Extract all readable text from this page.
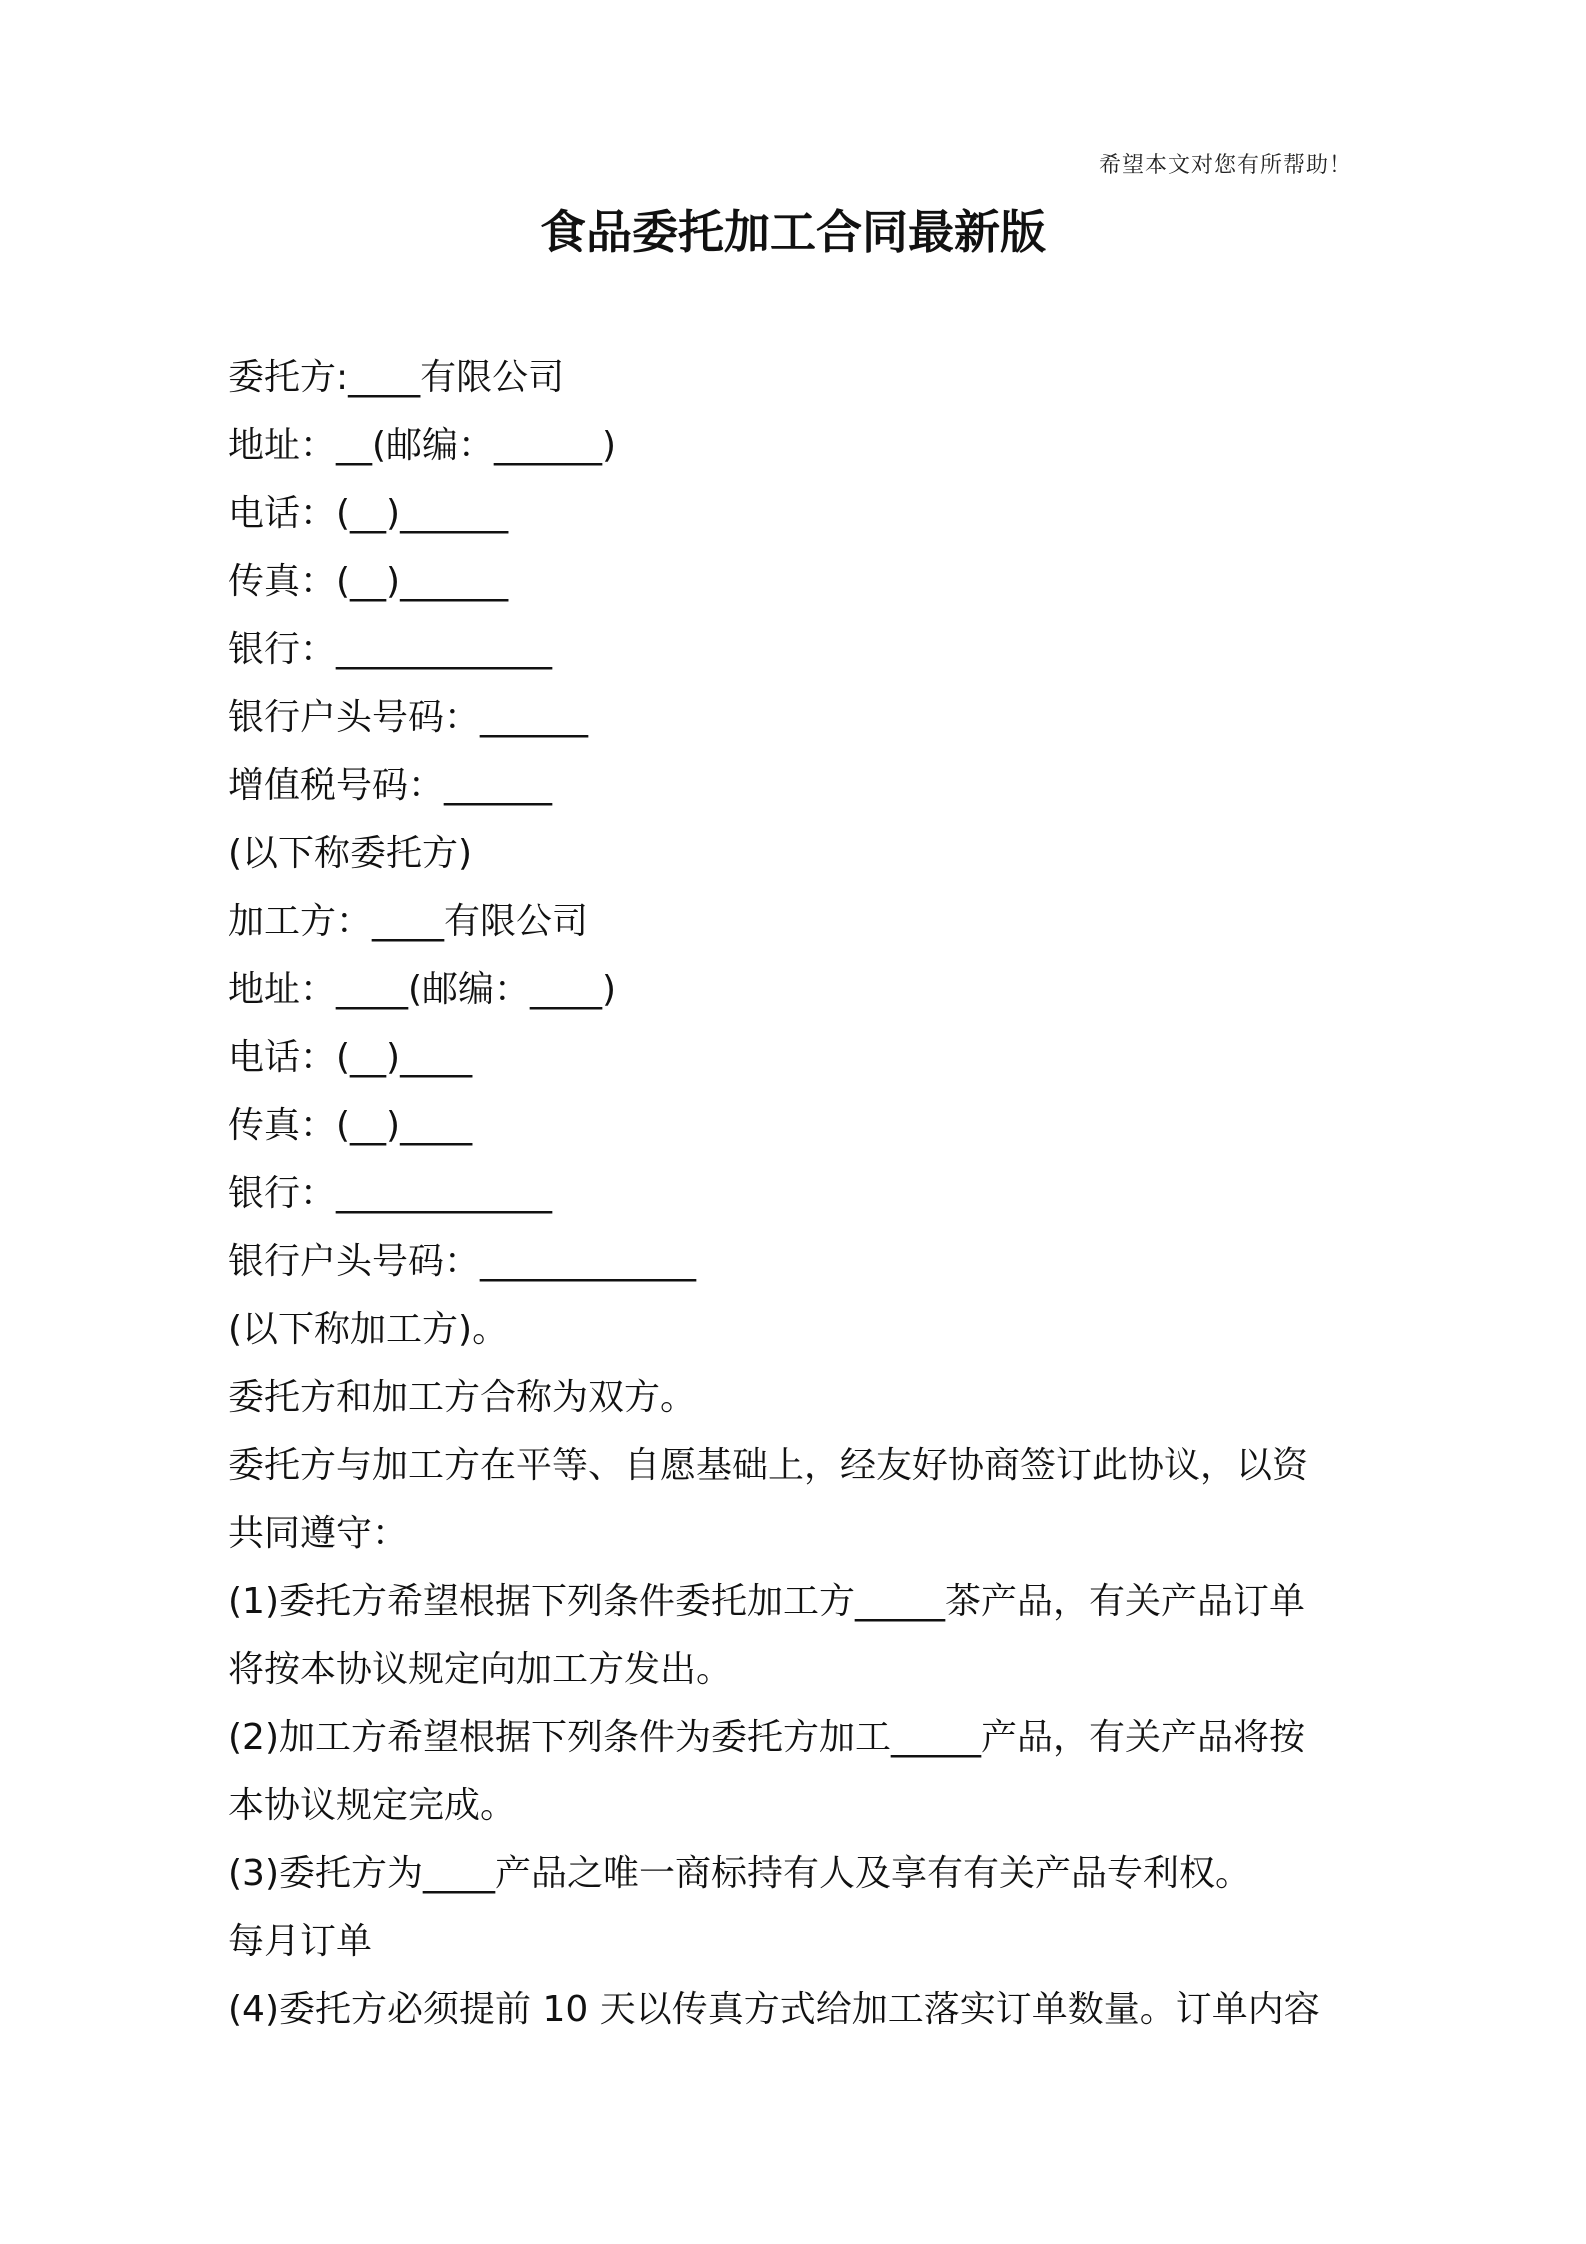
希望本文对您有所帮助！
食品委托加工合同最新版

委托方:____有限公司

地址：__(邮编：______)

电话：(__)______

传真：(__)______

银行：____________

银行户头号码：______

增值税号码：______

(以下称委托方)

加工方：____有限公司

地址：____(邮编：____)

电话：(__)____

传真：(__)____

银行：____________

银行户头号码：____________

(以下称加工方)。

委托方和加工方合称为双方。

委托方与加工方在平等、自愿基础上，经友好协商签订此协议，以资

共同遵守：

(1)委托方希望根据下列条件委托加工方_____茶产品，有关产品订单

将按本协议规定向加工方发出。

(2)加工方希望根据下列条件为委托方加工_____产品，有关产品将按

本协议规定完成。

(3)委托方为____产品之唯一商标持有人及享有有关产品专利权。

每月订单

(4)委托方必须提前 10 天以传真方式给加工落实订单数量。订单内容
